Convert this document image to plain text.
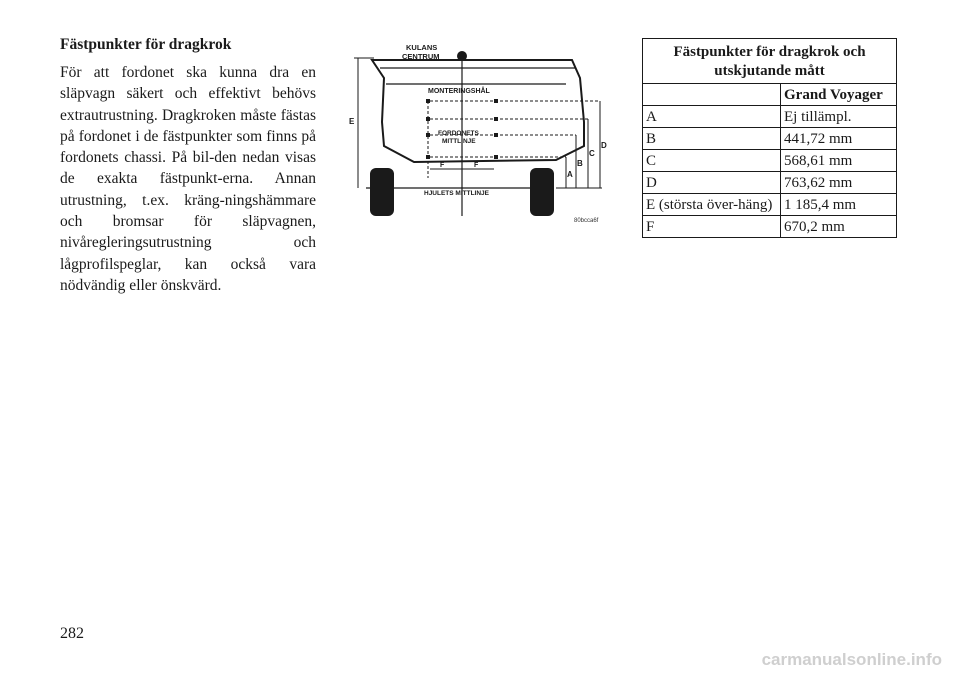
Fästpunkter för dragkrok

För att fordonet ska kunna dra en släpvagn säkert och effektivt behövs extrautrustning. Dragkroken måste fästas på fordonet i de fästpunkter som finns på fordonets chassi. På bil-den nedan visas de exakta fästpunkt-erna. Annan utrustning, t.ex. kräng-ningshämmare och bromsar för släpvagnen, nivåregleringsutrustning och lågprofilspeglar, kan också vara nödvändig eller önskvärd.

KULANS
CENTRUM
MONTERINGSHÅL
FORDONETS
MITTLINJE
HJULETS MITTLINJE
F	F
A
B
C
D
E
80bcca6f
Fästpunkter för dragkrok och utskjutande mått
	Grand Voyager
A	Ej tillämpl.
B	441,72 mm
C	568,61 mm
D	763,62 mm
E (största över-häng)	1 185,4 mm
F	670,2 mm
282
carmanualsonline.info
